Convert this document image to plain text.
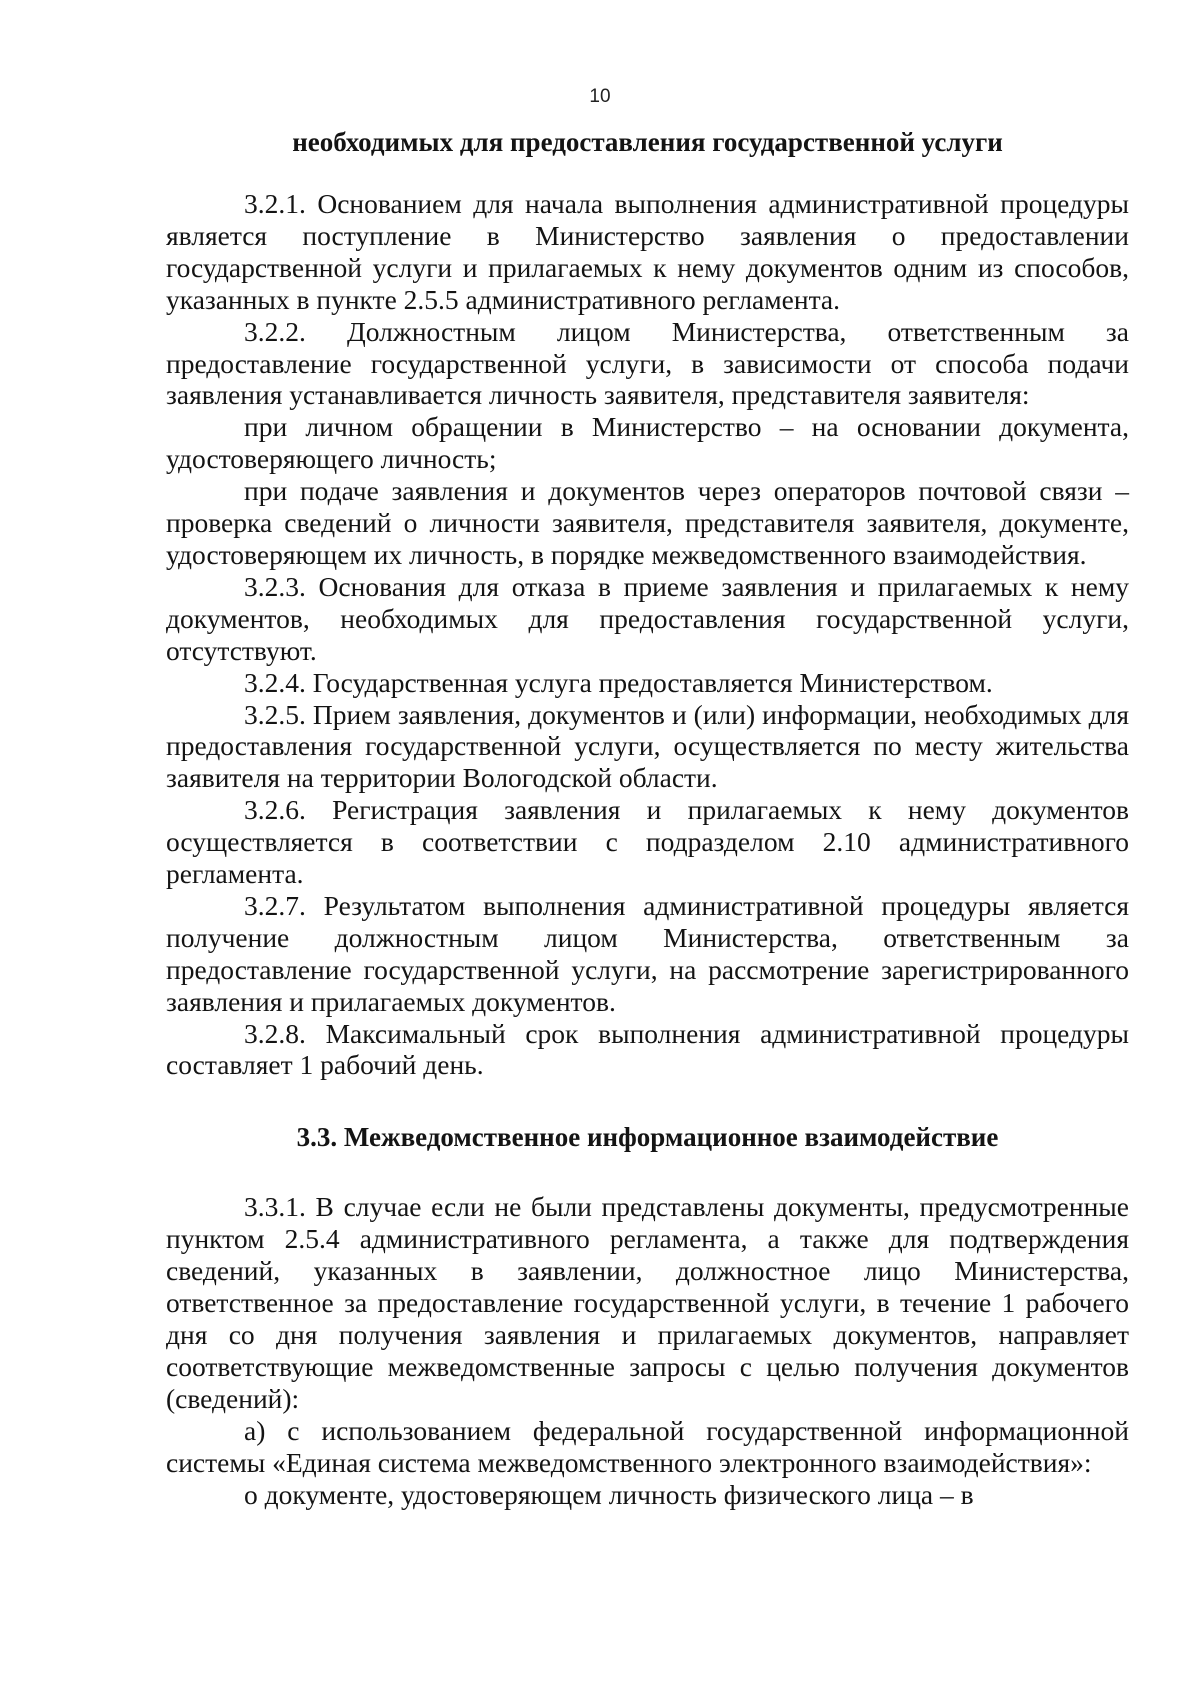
10
необходимых для предоставления государственной услуги

3.2.1. Основанием для начала выполнения административной процедуры является поступление в Министерство заявления о предоставлении государственной услуги и прилагаемых к нему документов одним из способов, указанных в пункте 2.5.5 административного регламента.

3.2.2. Должностным лицом Министерства, ответственным за предоставление государственной услуги, в зависимости от способа подачи заявления устанавливается личность заявителя, представителя заявителя:

при личном обращении в Министерство – на основании документа, удостоверяющего личность;

при подаче заявления и документов через операторов почтовой связи – проверка сведений о личности заявителя, представителя заявителя, документе, удостоверяющем их личность, в порядке межведомственного взаимодействия.

3.2.3. Основания для отказа в приеме заявления и прилагаемых к нему документов, необходимых для предоставления государственной услуги, отсутствуют.

3.2.4. Государственная услуга предоставляется Министерством.

3.2.5. Прием заявления, документов и (или) информации, необходимых для предоставления государственной услуги, осуществляется по месту жительства заявителя на территории Вологодской области.

3.2.6. Регистрация заявления и прилагаемых к нему документов осуществляется в соответствии с подразделом 2.10 административного регламента.

3.2.7. Результатом выполнения административной процедуры является получение должностным лицом Министерства, ответственным за предоставление государственной услуги, на рассмотрение зарегистрированного заявления и прилагаемых документов.

3.2.8. Максимальный срок выполнения административной процедуры составляет 1 рабочий день.

3.3. Межведомственное информационное взаимодействие

3.3.1. В случае если не были представлены документы, предусмотренные пунктом 2.5.4 административного регламента, а также для подтверждения сведений, указанных в заявлении, должностное лицо Министерства, ответственное за предоставление государственной услуги, в течение 1 рабочего дня со дня получения заявления и прилагаемых документов, направляет соответствующие межведомственные запросы с целью получения документов (сведений):

а) с использованием федеральной государственной информационной системы «Единая система межведомственного электронного взаимодействия»:

о документе, удостоверяющем личность физического лица – в
